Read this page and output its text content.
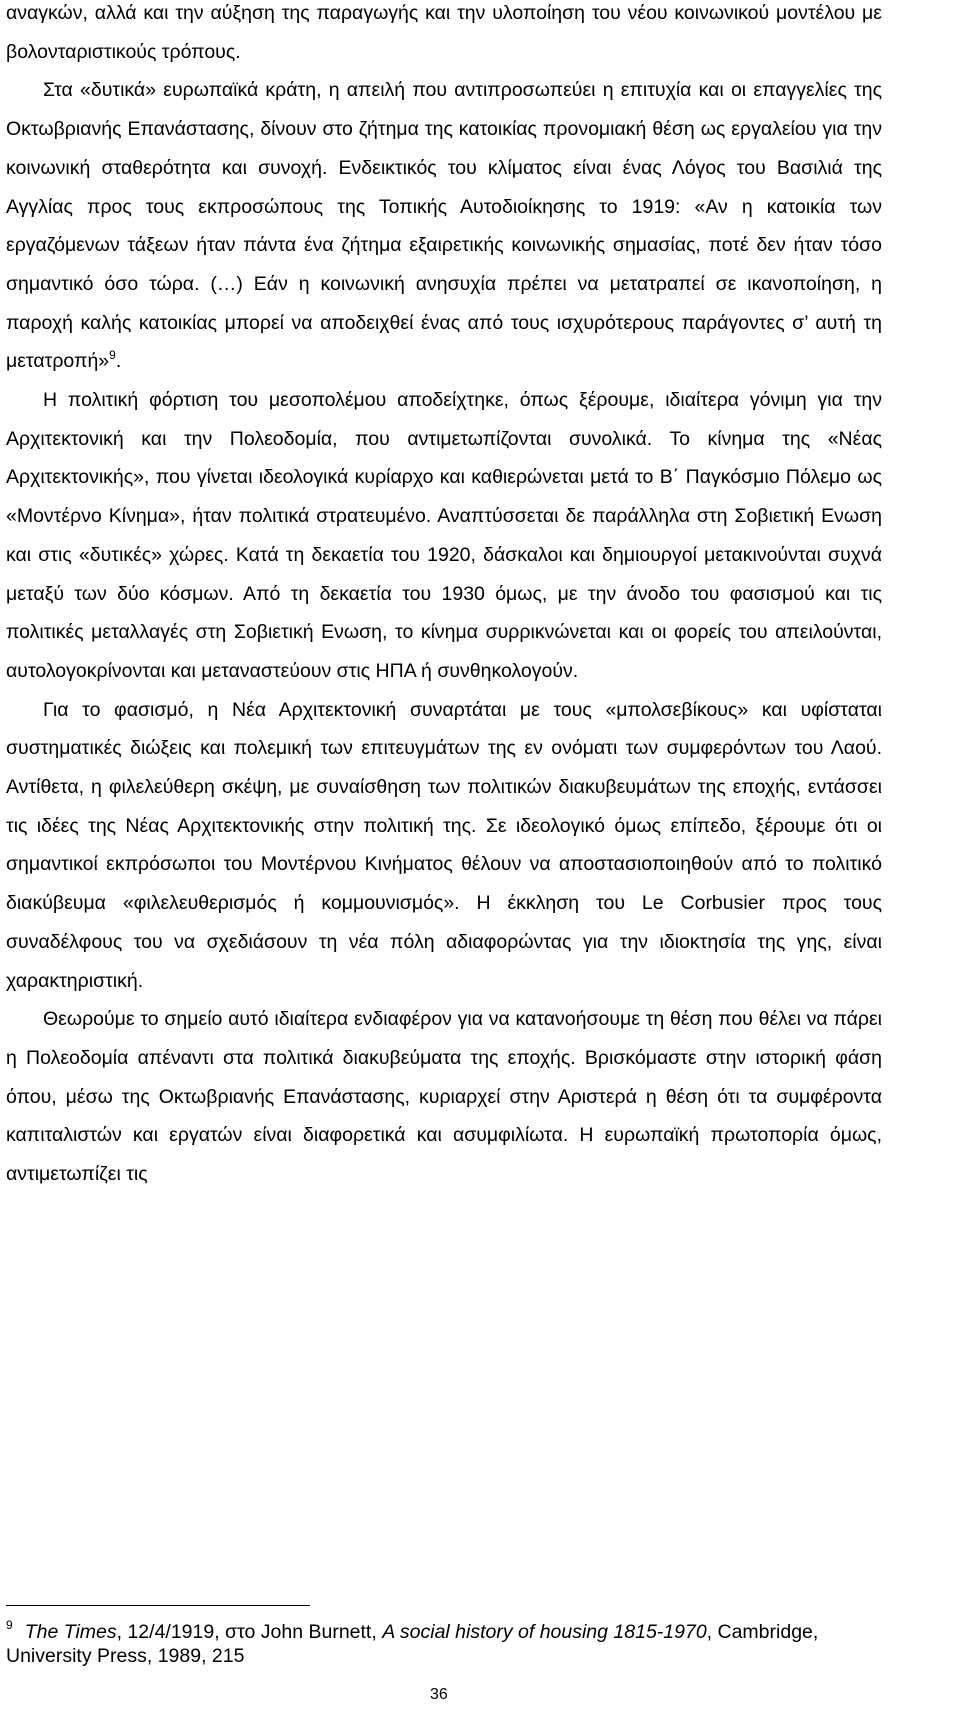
αναγκών, αλλά και την αύξηση της παραγωγής και την υλοποίηση του νέου κοινωνικού μοντέλου με βολονταριστικούς τρόπους.

Στα «δυτικά» ευρωπαϊκά κράτη, η απειλή που αντιπροσωπεύει η επιτυχία και οι επαγγελίες της Οκτωβριανής Επανάστασης, δίνουν στο ζήτημα της κατοικίας προνομιακή θέση ως εργαλείου για την κοινωνική σταθερότητα και συνοχή. Ενδεικτικός του κλίματος είναι ένας Λόγος του Βασιλιά της Αγγλίας προς τους εκπροσώπους της Τοπικής Αυτοδιοίκησης το 1919: «Αν η κατοικία των εργαζόμενων τάξεων ήταν πάντα ένα ζήτημα εξαιρετικής κοινωνικής σημασίας, ποτέ δεν ήταν τόσο σημαντικό όσο τώρα. (…) Εάν η κοινωνική ανησυχία πρέπει να μετατραπεί σε ικανοποίηση, η παροχή καλής κατοικίας μπορεί να αποδειχθεί ένας από τους ισχυρότερους παράγοντες σ’ αυτή τη μετατροπή»$^9$.

Η πολιτική φόρτιση του μεσοπολέμου αποδείχτηκε, όπως ξέρουμε, ιδιαίτερα γόνιμη για την Αρχιτεκτονική και την Πολεοδομία, που αντιμετωπίζονται συνολικά. Το κίνημα της «Νέας Αρχιτεκτονικής», που γίνεται ιδεολογικά κυρίαρχο και καθιερώνεται μετά το Β΄ Παγκόσμιο Πόλεμο ως «Μοντέρνο Κίνημα», ήταν πολιτικά στρατευμένο. Αναπτύσσεται δε παράλληλα στη Σοβιετική Ενωση και στις «δυτικές» χώρες. Κατά τη δεκαετία του 1920, δάσκαλοι και δημιουργοί μετακινούνται συχνά μεταξύ των δύο κόσμων. Από τη δεκαετία του 1930 όμως, με την άνοδο του φασισμού και τις πολιτικές μεταλλαγές στη Σοβιετική Ενωση, το κίνημα συρρικνώνεται και οι φορείς του απειλούνται, αυτολογοκρίνονται και μεταναστεύουν στις ΗΠΑ ή συνθηκολογούν.

Για το φασισμό, η Νέα Αρχιτεκτονική συναρτάται με τους «μπολσεβίκους» και υφίσταται συστηματικές διώξεις και πολεμική των επιτευγμάτων της εν ονόματι των συμφερόντων του Λαού. Αντίθετα, η φιλελεύθερη σκέψη, με συναίσθηση των πολιτικών διακυβευμάτων της εποχής, εντάσσει τις ιδέες της Νέας Αρχιτεκτονικής στην πολιτική της. Σε ιδεολογικό όμως επίπεδο, ξέρουμε ότι οι σημαντικοί εκπρόσωποι του Μοντέρνου Κινήματος θέλουν να αποστασιοποιηθούν από το πολιτικό διακύβευμα «φιλελευθερισμός ή κομμουνισμός». Η έκκληση του Le Corbusier προς τους συναδέλφους του να σχεδιάσουν τη νέα πόλη αδιαφορώντας για την ιδιοκτησία της γης, είναι χαρακτηριστική.

Θεωρούμε το σημείο αυτό ιδιαίτερα ενδιαφέρον για να κατανοήσουμε τη θέση που θέλει να πάρει η Πολεοδομία απέναντι στα πολιτικά διακυβεύματα της εποχής. Βρισκόμαστε στην ιστορική φάση όπου, μέσω της Οκτωβριανής Επανάστασης, κυριαρχεί στην Αριστερά η θέση ότι τα συμφέροντα καπιταλιστών και εργατών είναι διαφορετικά και ασυμφιλίωτα. Η ευρωπαϊκή πρωτοπορία όμως, αντιμετωπίζει τις

$^9$ The Times, 12/4/1919, στο John Burnett, A social history of housing 1815-1970, Cambridge, University Press, 1989, 215
36
